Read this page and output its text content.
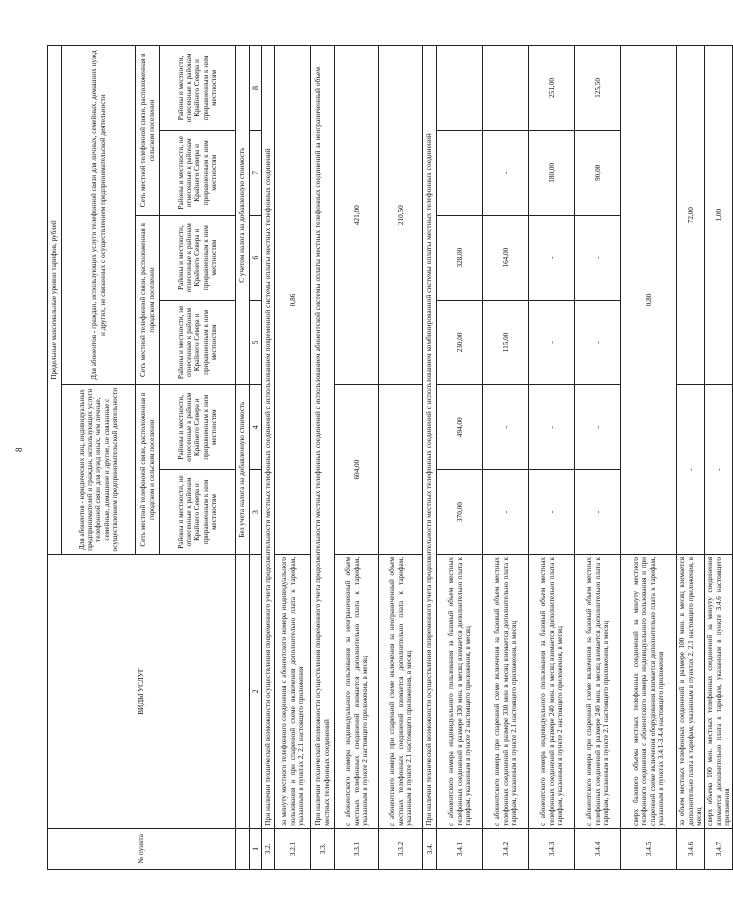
8
№ пункта	ВИДЫ УСЛУГ	Предельные максимальные уровни тарифов, рублей					
		Для абонентов - юридических лиц, индивидуальных предпринимателей и граждан, использующих услуги телефонной связи для нужд иных, чем личные, семейные, домашние и другие, не связанные с осуществлением предпринимательской деятельности		Для абонентов - граждан, использующих услуги телефонной связи для личных, семейных, домашних нужд и других, не связанных с осуществлением предпринимательской деятельности			
		Сеть местной телефонной связи, расположенная в городском и сельском поселении		Сеть местной телефонной связи, расположенная в городском поселении		Сеть местной телефонной связи, расположенная в сельском поселении	
		Районы и местности, не отнесенные к районам Крайнего Севера и приравненным к ним местностям	Районы и местности, отнесенные к районам Крайнего Севера и приравненным к ним местностям	Районы и местности, не отнесенные к районам Крайнего Севера и приравненным к ним местностям	Районы и местности, отнесенные к районам Крайнего Севера и приравненным к ним местностям	Районы и местности, не отнесенные к районам Крайнего Севера и приравненным к ним местностям	Районы и местности, отнесенные к районам Крайнего Севера и приравненным к ним местностям
		Без учета налога на добавленную стоимость		С учетом налога на добавленную стоимость			
1	2	3	4	5	6	7	8
3.2.	При наличии технической возможности осуществления повременного учета продолжительности местных телефонных соединений с использованием повременной системы оплаты местных телефонных соединений						
3.2.1	за минуту местного телефонного соединения с абонентского номера индивидуального пользования и при спаренной схеме включения дополнительно плата к тарифам, указанным в пунктах 2, 2.1 настоящего приложения	0,86					
3.3.	При наличии технической возможности осуществления повременного учета продолжительности местных телефонных соединений с использованием абонентской системы оплаты местных телефонных соединений за неограниченный объем местных телефонных соединений						
3.3.1	с абонентского номера индивидуального пользования за неограниченный объем местных телефонных соединений взимается дополнительно плата к тарифам, указанным в пункте 2 настоящего приложения, в месяц	604,00		421,00			
3.3.2	с абонентского номера при спаренной схеме включения за неограниченный объем местных телефонных соединений взимается дополнительно плата к тарифам, указанным в пункте 2.1 настоящего приложения, в месяц			210,50			
3.4.	При наличии технической возможности осуществления повременного учета продолжительности местных телефонных соединений с использованием комбинированной системы оплаты местных телефонных соединений						
3.4.1	с абонентского номера индивидуального пользования за базовый объем местных телефонных соединений в размере 330 мин. в месяц взимается дополнительно плата к тарифам, указанным в пункте 2 настоящего приложения, в месяц	370,00	494,00	230,00	328,00		
3.4.2	с абонентского номера при спаренной схеме включения за базовый объем местных телефонных соединений в размере 330 мин в месяц взимается дополнительно плата к тарифам, указанным в пункте 2.1 настоящего приложения, в месяц	-	-	115,00	164,00	-	
3.4.3	с абонентского номера индивидуального пользования за базовый объем местных телефонных соединений в размере 240 мин. в месяц взимается дополнительно плата к тарифам, указанным в пункте 2 настоящего приложения, в месяц	-	-	-	-	180,00	251,00
3.4.4	с абонентского номера при спаренной схеме включения за базовый объем местных телефонных соединений в размере 240 мин. в месяц взимается дополнительно плата к тарифам, указанным в пункте 2.1 настоящего приложения, в месяц	-	-	-	-	90,00	125,50
3.4.5	сверх базового объема местных телефонных соединений за минуту местного телефонного соединения с абонентского номера индивидуального пользования и при спаренной схеме включения оборудования взимается дополнительно плата к тарифам, указанным в пунктах 3.4.1-3.4.4 настоящего приложения	0,80					
3.4.6	за объем местных телефонных соединений в размере 100 мин. в месяц взимается дополнительно плата к тарифам, указанным в пунктах 2, 2.1 настоящего приложения, в месяц	-		72,00			
3.4.7	сверх объема 100 мин. местных телефонных соединений за минуту соединения взимается дополнительно плата к тарифам, указанным в пункте 3.4.6 настоящего приложения	-		1,00			
